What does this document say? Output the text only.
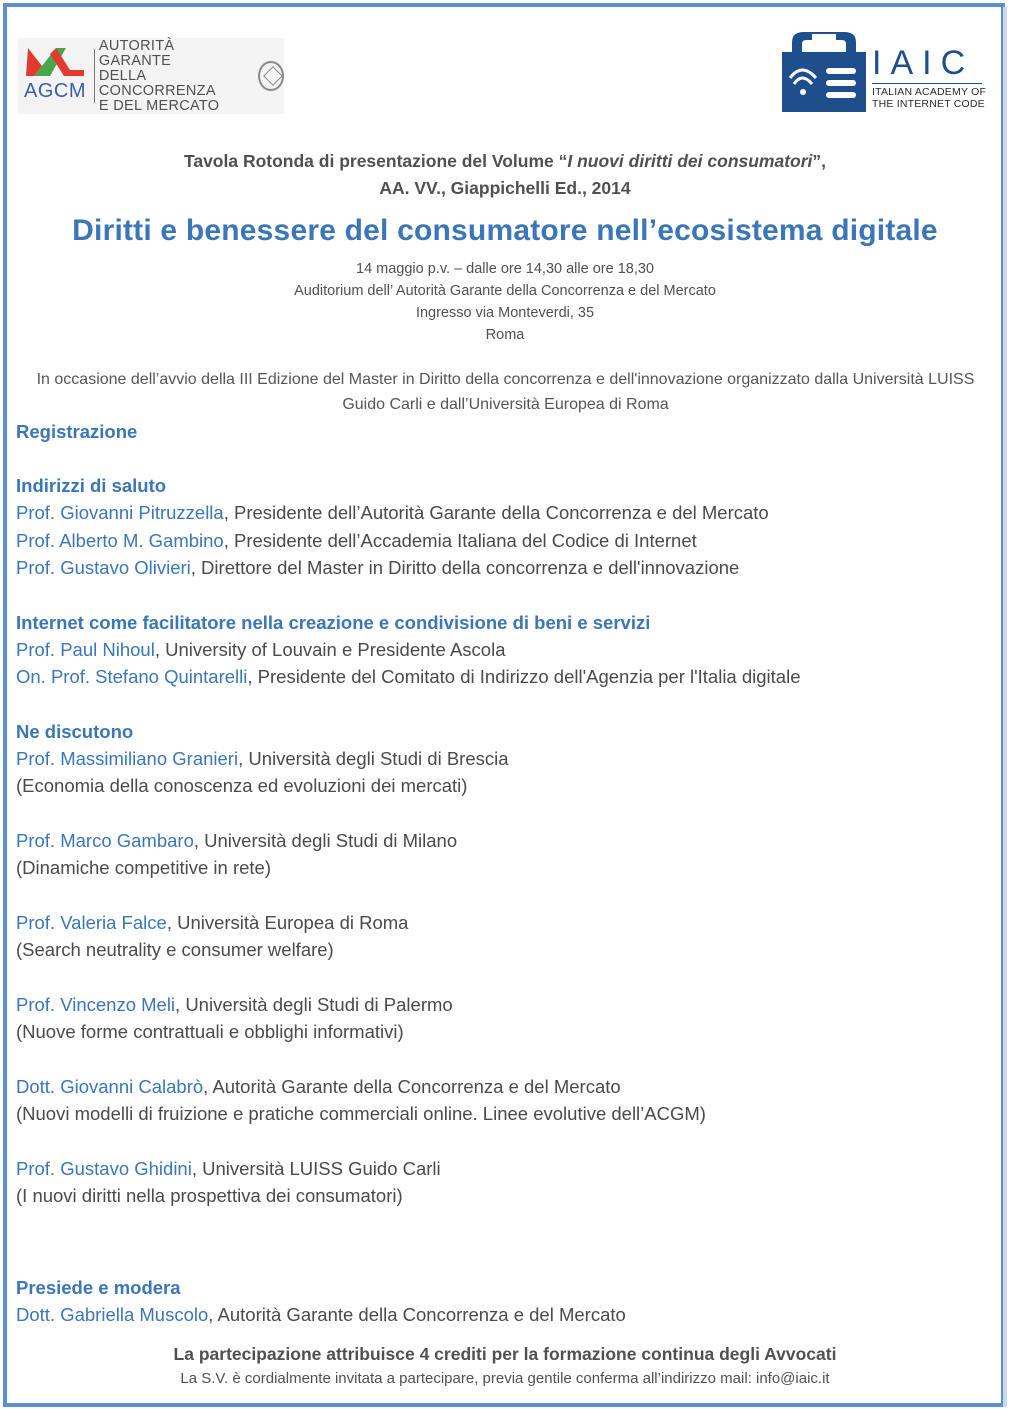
AGCM
AUTORITÀ GARANTE
DELLA CONCORRENZA
E DEL MERCATO
IAIC
ITALIAN ACADEMY OF
THE INTERNET CODE
Tavola Rotonda di presentazione del Volume “I nuovi diritti dei consumatori”,
AA. VV., Giappichelli Ed., 2014
Diritti e benessere del consumatore nell’ecosistema digitale
14 maggio p.v. – dalle ore 14,30 alle ore 18,30
Auditorium dell’ Autorità Garante della Concorrenza e del Mercato
Ingresso via Monteverdi, 35
Roma
In occasione dell’avvio della III Edizione del Master in Diritto della concorrenza e dell'innovazione organizzato dalla Università LUISS Guido Carli e dall’Università Europea di Roma
Registrazione
Indirizzi di saluto
Prof. Giovanni Pitruzzella, Presidente dell’Autorità Garante della Concorrenza e del Mercato
Prof. Alberto M. Gambino, Presidente dell’Accademia Italiana del Codice di Internet
Prof. Gustavo Olivieri, Direttore del Master in Diritto della concorrenza e dell'innovazione
Internet come facilitatore nella creazione e condivisione di beni e servizi
Prof. Paul Nihoul, University of Louvain e Presidente Ascola
On. Prof. Stefano Quintarelli, Presidente del Comitato di Indirizzo dell'Agenzia per l'Italia digitale
Ne discutono
Prof. Massimiliano Granieri, Università degli Studi di Brescia
(Economia della conoscenza ed evoluzioni dei mercati)
Prof. Marco Gambaro, Università degli Studi di Milano
(Dinamiche competitive in rete)
Prof. Valeria Falce, Università Europea di Roma
(Search neutrality e consumer welfare)
Prof. Vincenzo Meli, Università degli Studi di Palermo
(Nuove forme contrattuali e obblighi informativi)
Dott. Giovanni Calabrò, Autorità Garante della Concorrenza e del Mercato
(Nuovi modelli di fruizione e pratiche commerciali online. Linee evolutive dell’ACGM)
Prof. Gustavo Ghidini, Università LUISS Guido Carli
(I nuovi diritti nella prospettiva dei consumatori)
Presiede e modera
Dott. Gabriella Muscolo, Autorità Garante della Concorrenza e del Mercato
La partecipazione attribuisce 4 crediti per la formazione continua degli Avvocati
La S.V. è cordialmente invitata a partecipare, previa gentile conferma all’indirizzo mail: info@iaic.it
